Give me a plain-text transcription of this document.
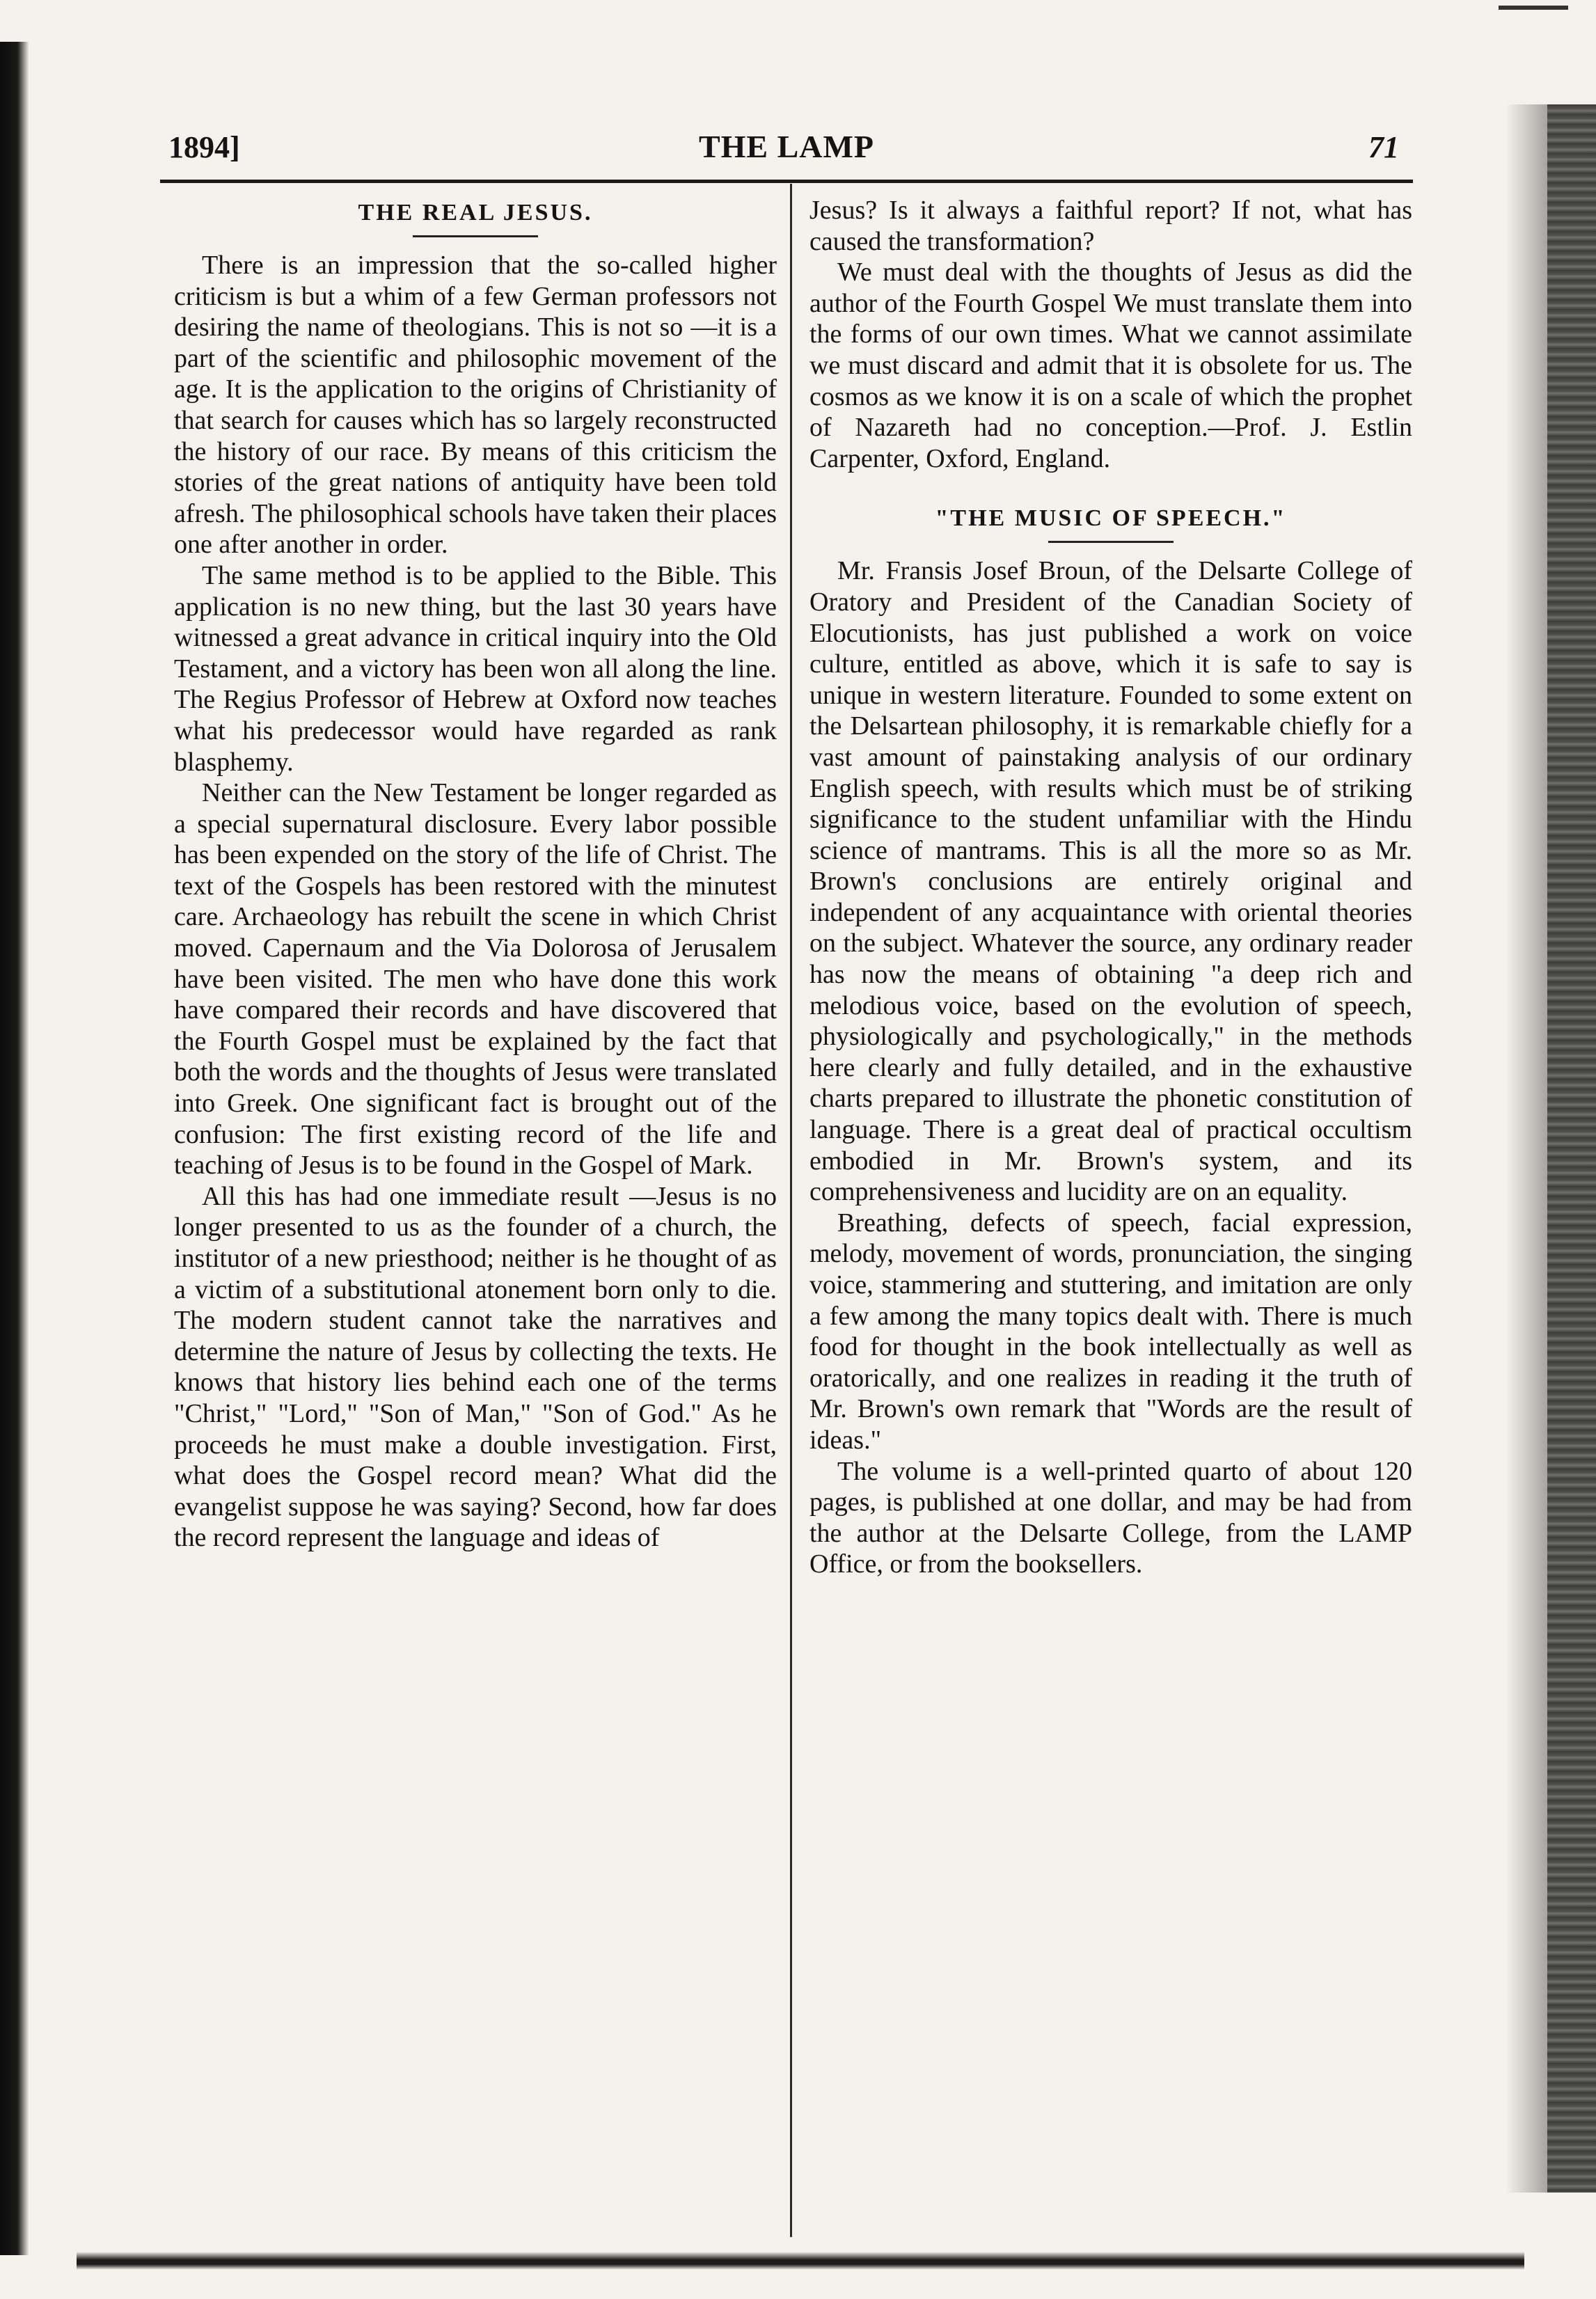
1894]	THE LAMP	71
THE REAL JESUS.

There is an impression that the so-called higher criticism is but a whim of a few German professors not desiring the name of theologians. This is not so —it is a part of the scientific and philosophic movement of the age. It is the application to the origins of Christianity of that search for causes which has so largely reconstructed the history of our race. By means of this criticism the stories of the great nations of antiquity have been told afresh. The philosophical schools have taken their places one after another in order.

The same method is to be applied to the Bible. This application is no new thing, but the last 30 years have witnessed a great advance in critical inquiry into the Old Testament, and a victory has been won all along the line. The Regius Professor of Hebrew at Oxford now teaches what his predecessor would have regarded as rank blasphemy.

Neither can the New Testament be longer regarded as a special supernatural disclosure. Every labor possible has been expended on the story of the life of Christ. The text of the Gospels has been restored with the minutest care. Archaeology has rebuilt the scene in which Christ moved. Capernaum and the Via Dolorosa of Jerusalem have been visited. The men who have done this work have compared their records and have discovered that the Fourth Gospel must be explained by the fact that both the words and the thoughts of Jesus were translated into Greek. One significant fact is brought out of the confusion: The first existing record of the life and teaching of Jesus is to be found in the Gospel of Mark.

All this has had one immediate result —Jesus is no longer presented to us as the founder of a church, the institutor of a new priesthood; neither is he thought of as a victim of a substitutional atonement born only to die. The modern student cannot take the narratives and determine the nature of Jesus by collecting the texts. He knows that history lies behind each one of the terms "Christ," "Lord," "Son of Man," "Son of God." As he proceeds he must make a double investigation. First, what does the Gospel record mean? What did the evangelist suppose he was saying? Second, how far does the record represent the language and ideas of

Jesus? Is it always a faithful report? If not, what has caused the transformation?

We must deal with the thoughts of Jesus as did the author of the Fourth Gospel We must translate them into the forms of our own times. What we cannot assimilate we must discard and admit that it is obsolete for us. The cosmos as we know it is on a scale of which the prophet of Nazareth had no conception.—Prof. J. Estlin Carpenter, Oxford, England.

"THE MUSIC OF SPEECH."

Mr. Fransis Josef Broun, of the Delsarte College of Oratory and President of the Canadian Society of Elocutionists, has just published a work on voice culture, entitled as above, which it is safe to say is unique in western literature. Founded to some extent on the Delsartean philosophy, it is remarkable chiefly for a vast amount of painstaking analysis of our ordinary English speech, with results which must be of striking significance to the student unfamiliar with the Hindu science of mantrams. This is all the more so as Mr. Brown's conclusions are entirely original and independent of any acquaintance with oriental theories on the subject. Whatever the source, any ordinary reader has now the means of obtaining "a deep rich and melodious voice, based on the evolution of speech, physiologically and psychologically," in the methods here clearly and fully detailed, and in the exhaustive charts prepared to illustrate the phonetic constitution of language. There is a great deal of practical occultism embodied in Mr. Brown's system, and its comprehensiveness and lucidity are on an equality.

Breathing, defects of speech, facial expression, melody, movement of words, pronunciation, the singing voice, stammering and stuttering, and imitation are only a few among the many topics dealt with. There is much food for thought in the book intellectually as well as oratorically, and one realizes in reading it the truth of Mr. Brown's own remark that "Words are the result of ideas."

The volume is a well-printed quarto of about 120 pages, is published at one dollar, and may be had from the author at the Delsarte College, from the LAMP Office, or from the booksellers.
